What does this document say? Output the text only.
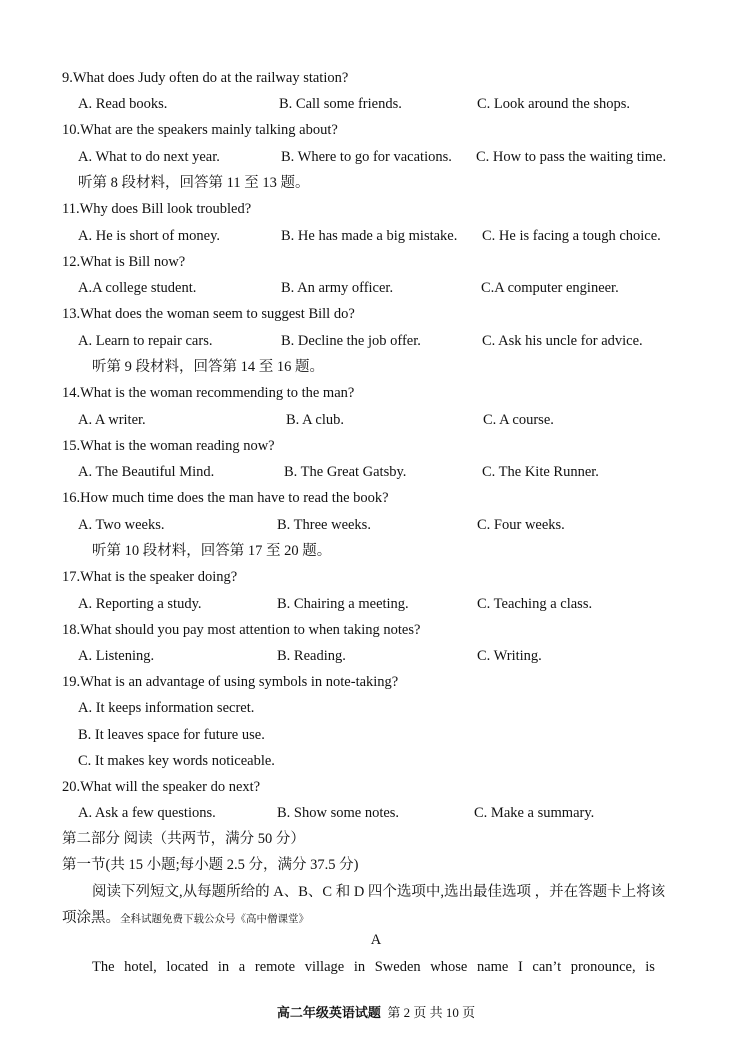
9.What does Judy often do at the railway station?
A. Read books.	B. Call some friends.	C. Look around the shops.
10.What are the speakers mainly talking about?
A. What to do next year.	B. Where to go for vacations. C. How to pass the waiting time.
听第 8 段材料，回答第 11 至 13 题。
11.Why does Bill look troubled?
A. He is short of money.	B. He has made a big mistake. C. He is facing a tough choice.
12.What is Bill now?
A.A college student.	B. An army officer.	C.A computer engineer.
13.What does the woman seem to suggest Bill do?
A. Learn to repair cars.	B. Decline the job offer.	C. Ask his uncle for advice.
听第 9 段材料，回答第 14 至 16 题。
14.What is the woman recommending to the man?
A. A writer.	B. A club.	C. A course.
15.What is the woman reading now?
A. The Beautiful Mind.	B. The Great Gatsby.	C. The Kite Runner.
16.How much time does the man have to read the book?
A. Two weeks.	B. Three weeks.	C. Four weeks.
听第 10 段材料，回答第 17 至 20 题。
17.What is the speaker doing?
A. Reporting a study.	B. Chairing a meeting.	C. Teaching a class.
18.What should you pay most attention to when taking notes?
A. Listening.	B. Reading.	C. Writing.
19.What is an advantage of using symbols in note-taking?
A. It keeps information secret.
B. It leaves space for future use.
C. It makes key words noticeable.
20.What will the speaker do next?
A. Ask a few questions.	B. Show some notes.	C. Make a summary.
第二部分 阅读（共两节，满分 50 分）
第一节(共 15 小题;每小题 2.5 分，满分 37.5 分)
阅读下列短文,从每题所给的 A、B、C 和 D 四个选项中,选出最佳选项 ，并在答题卡上将该
项涂黑。全科试题免费下载公众号《高中僧课堂》
A
The hotel, located in a remote village in Sweden whose name I can’t pronounce, is
高二年级英语试题 第 2 页 共 10 页
